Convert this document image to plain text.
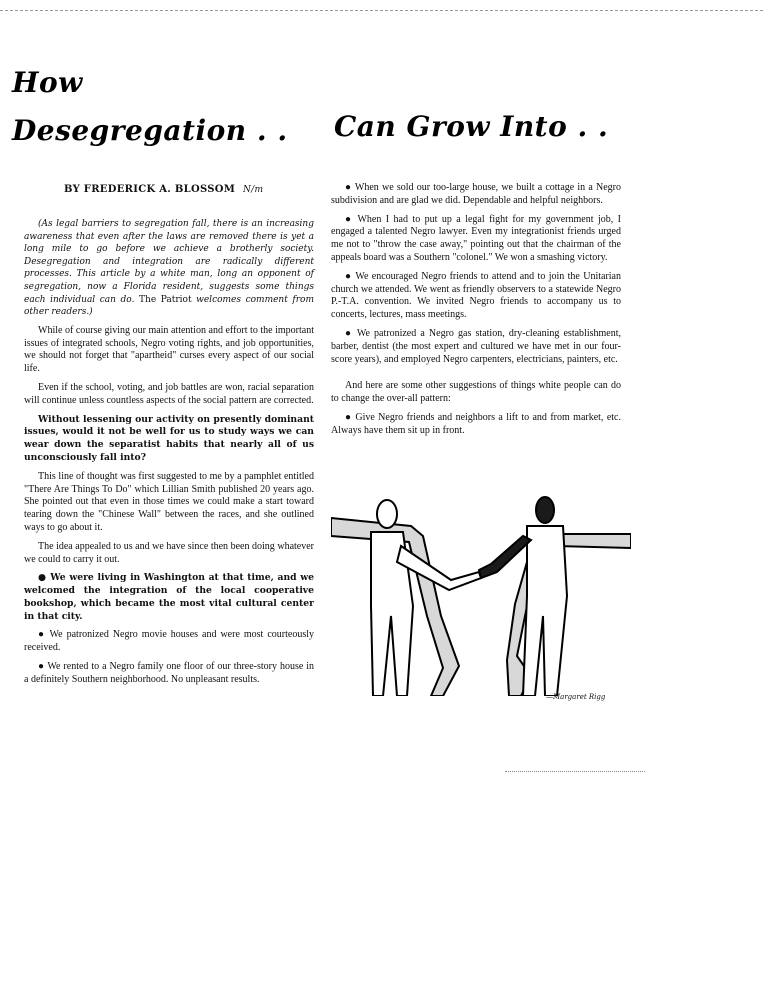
How
Desegregation . . Can Grow Into . .
BY FREDERICK A. BLOSSOM N/m

(As legal barriers to segregation fall, there is an increasing awareness that even after the laws are removed there is yet a long mile to go before we achieve a brotherly society. Desegregation and integration are radically different processes. This article by a white man, long an opponent of segregation, now a Florida resident, suggests some things each individual can do. The Patriot welcomes comment from other readers.)

While of course giving our main attention and effort to the important issues of integrated schools, Negro voting rights, and job opportunities, we should not forget that "apartheid" curses every aspect of our social life.

Even if the school, voting, and job battles are won, racial separation will continue unless countless aspects of the social pattern are corrected.

Without lessening our activity on presently dominant issues, would it not be well for us to study ways we can wear down the separatist habits that nearly all of us unconsciously fall into?

This line of thought was first suggested to me by a pamphlet entitled "There Are Things To Do" which Lillian Smith published 20 years ago. She pointed out that even in those times we could make a start toward tearing down the "Chinese Wall" between the races, and she outlined ways to go about it.

The idea appealed to us and we have since then been doing whatever we could to carry it out.

● We were living in Washington at that time, and we welcomed the integration of the local cooperative bookshop, which became the most vital cultural center in that city.

● We patronized Negro movie houses and were most courteously received.

● We rented to a Negro family one floor of our three-story house in a definitely Southern neighborhood. No unpleasant results.

● When we sold our too-large house, we built a cottage in a Negro subdivision and are glad we did. Dependable and helpful neighbors.

● When I had to put up a legal fight for my government job, I engaged a talented Negro lawyer. Even my integrationist friends urged me not to "throw the case away," pointing out that the chairman of the appeals board was a Southern "colonel." We won a smashing victory.

● We encouraged Negro friends to attend and to join the Unitarian church we attended. We went as friendly observers to a statewide Negro P.-T.A. convention. We invited Negro friends to accompany us to concerts, lectures, mass meetings.

● We patronized a Negro gas station, dry-cleaning establishment, barber, dentist (the most expert and cultured we have met in our four-score years), and employed Negro carpenters, electricians, painters, etc.

And here are some other suggestions of things white people can do to change the over-all pattern:

● Give Negro friends and neighbors a lift to and from market, etc. Always have them sit up in front.

—Margaret Rigg
